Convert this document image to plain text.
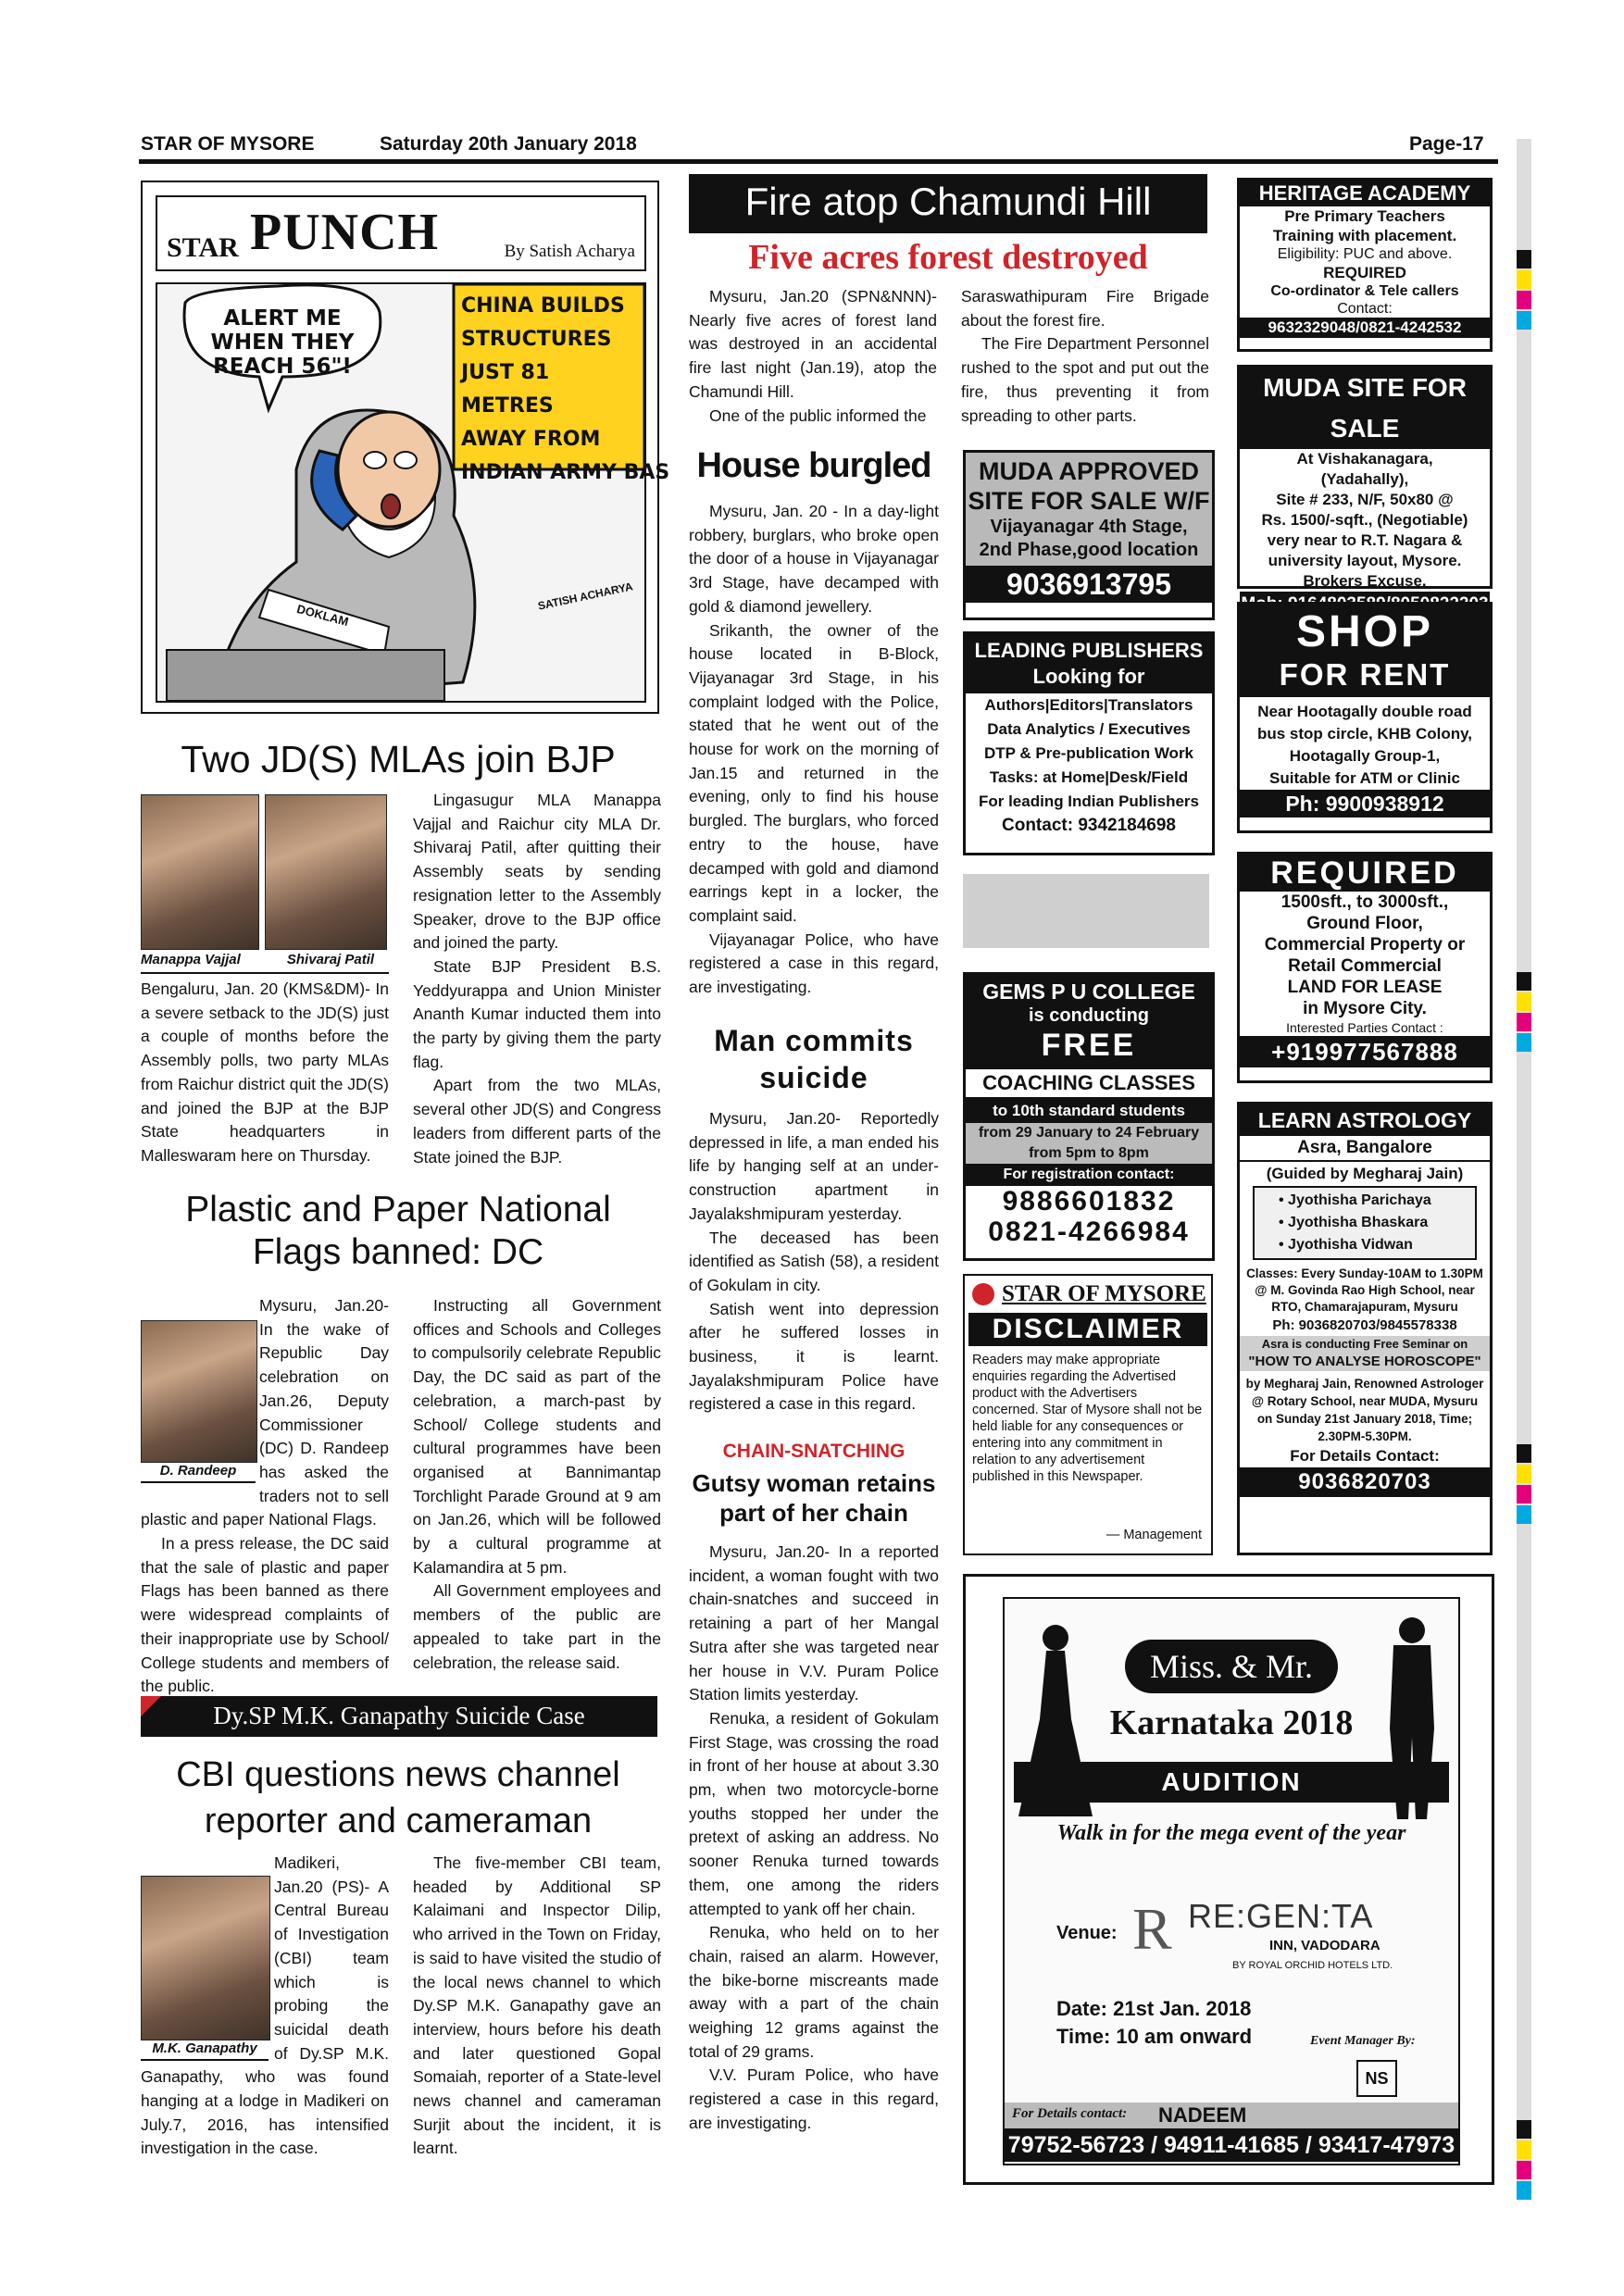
STAR OF MYSORE	Saturday 20th January 2018	Page-17
STAR PUNCH	By Satish Acharya
ALERT ME WHEN THEY REACH 56"!
CHINA BUILDS
STRUCTURES
JUST 81 METRES
AWAY FROM
INDIAN ARMY BAS
SATISH ACHARYA
DOKLAM
Two JD(S) MLAs join BJP
Manappa Vajjal	Shivaraj Patil

Bengaluru, Jan. 20 (KMS&DM)- In a severe setback to the JD(S) just a couple of months before the Assembly polls, two party MLAs from Raichur district quit the JD(S) and joined the BJP at the BJP State headquarters in Malleswaram here on Thursday.

Lingasugur MLA Manappa Vajjal and Raichur city MLA Dr. Shivaraj Patil, after quitting their Assembly seats by sending resignation letter to the Assembly Speaker, drove to the BJP office and joined the party.

State BJP President B.S. Yeddyurappa and Union Minister Ananth Kumar inducted them into the party by giving them the party flag.

Apart from the two MLAs, several other JD(S) and Congress leaders from different parts of the State joined the BJP.

Plastic and Paper National Flags banned: DC
D. Randeep

Mysuru, Jan.20- In the wake of Republic Day celebration on Jan.26, Deputy Commissioner (DC) D. Randeep has asked the traders not to sell plastic and paper National Flags.

In a press release, the DC said that the sale of plastic and paper Flags has been banned as there were widespread complaints of their inappropriate use by School/ College students and members of the public.

Instructing all Government offices and Schools and Colleges to compulsorily celebrate Republic Day, the DC said as part of the celebration, a march-past by School/ College students and cultural programmes have been organised at Bannimantap Torchlight Parade Ground at 9 am on Jan.26, which will be followed by a cultural programme at Kalamandira at 5 pm.

All Government employees and members of the public are appealed to take part in the celebration, the release said.

Dy.SP M.K. Ganapathy Suicide Case
CBI questions news channel reporter and cameraman
M.K. Ganapathy

Madikeri, Jan.20 (PS)- A Central Bureau of Investigation (CBI) team which is probing the suicidal death of Dy.SP M.K. Ganapathy, who was found hanging at a lodge in Madikeri on July.7, 2016, has intensified investigation in the case.

The five-member CBI team, headed by Additional SP Kalaimani and Inspector Dilip, who arrived in the Town on Friday, is said to have visited the studio of the local news channel to which Dy.SP M.K. Ganapathy gave an interview, hours before his death and later questioned Gopal Somaiah, reporter of a State-level news channel and cameraman Surjit about the incident, it is learnt.

Fire atop Chamundi Hill
Five acres forest destroyed

Mysuru, Jan.20 (SPN&NNN)- Nearly five acres of forest land was destroyed in an accidental fire last night (Jan.19), atop the Chamundi Hill.

One of the public informed the

Saraswathipuram Fire Brigade about the forest fire.

The Fire Department Personnel rushed to the spot and put out the fire, thus preventing it from spreading to other parts.

House burgled

Mysuru, Jan. 20 - In a day-light robbery, burglars, who broke open the door of a house in Vijayanagar 3rd Stage, have decamped with gold & diamond jewellery.

Srikanth, the owner of the house located in B-Block, Vijayanagar 3rd Stage, in his complaint lodged with the Police, stated that he went out of the house for work on the morning of Jan.15 and returned in the evening, only to find his house burgled. The burglars, who forced entry to the house, have decamped with gold and diamond earrings kept in a locker, the complaint said.

Vijayanagar Police, who have registered a case in this regard, are investigating.

Man commits suicide

Mysuru, Jan.20- Reportedly depressed in life, a man ended his life by hanging self at an under-construction apartment in Jayalakshmipuram yesterday.

The deceased has been identified as Satish (58), a resident of Gokulam in city.

Satish went into depression after he suffered losses in business, it is learnt. Jayalakshmipuram Police have registered a case in this regard.

CHAIN-SNATCHING
Gutsy woman retains part of her chain

Mysuru, Jan.20- In a reported incident, a woman fought with two chain-snatches and succeed in retaining a part of her Mangal Sutra after she was targeted near her house in V.V. Puram Police Station limits yesterday.

Renuka, a resident of Gokulam First Stage, was crossing the road in front of her house at about 3.30 pm, when two motorcycle-borne youths stopped her under the pretext of asking an address. No sooner Renuka turned towards them, one among the riders attempted to yank off her chain.

Renuka, who held on to her chain, raised an alarm. However, the bike-borne miscreants made away with a part of the chain weighing 12 grams against the total of 29 grams.

V.V. Puram Police, who have registered a case in this regard, are investigating.

MUDA APPROVED
SITE FOR SALE W/F
Vijayanagar 4th Stage,
2nd Phase,good location
9036913795
LEADING PUBLISHERS
Looking for
Authors|Editors|Translators
Data Analytics / Executives
DTP & Pre-publication Work
Tasks: at Home|Desk/Field
For leading Indian Publishers
Contact: 9342184698
GEMS P U COLLEGE
is conducting
FREE
COACHING CLASSES
to 10th standard students
from 29 January to 24 February
from 5pm to 8pm
For registration contact:
9886601832
0821-4266984
STAR OF MYSORE
DISCLAIMER
Readers may make appropriate enquiries regarding the Advertised product with the Advertisers concerned. Star of Mysore shall not be held liable for any consequences or entering into any commitment in relation to any advertisement published in this Newspaper.
— Management
HERITAGE ACADEMY
Pre Primary Teachers
Training with placement.
Eligibility: PUC and above.
REQUIRED
Co-ordinator & Tele callers
Contact:
9632329048/0821-4242532
MUDA SITE FOR SALE
At Vishakanagara,
(Yadahally),
Site # 233, N/F, 50x80 @
Rs. 1500/-sqft., (Negotiable)
very near to R.T. Nagara &
university layout, Mysore.
Brokers Excuse.
SHOP
FOR RENT
Near Hootagally double road
bus stop circle, KHB Colony,
Hootagally Group-1,
Suitable for ATM or Clinic
Ph: 9900938912
REQUIRED
1500sft., to 3000sft.,
Ground Floor,
Commercial Property or
Retail Commercial
LAND FOR LEASE
in Mysore City.
Interested Parties Contact :
+919977567888
LEARN ASTROLOGY
Asra, Bangalore
(Guided by Megharaj Jain)
• Jyothisha Parichaya
• Jyothisha Bhaskara
• Jyothisha Vidwan
Classes: Every Sunday-10AM to 1.30PM @ M. Govinda Rao High School, near RTO, Chamarajapuram, Mysuru
Ph: 9036820703/9845578338
Asra is conducting Free Seminar on
"HOW TO ANALYSE HOROSCOPE"
by Megharaj Jain, Renowned Astrologer @ Rotary School, near MUDA, Mysuru on Sunday 21st January 2018, Time; 2.30PM-5.30PM.
For Details Contact:
9036820703
Miss. & Mr.
Karnataka 2018
AUDITION
Walk in for the mega event of the year
Venue: R RE:GEN:TA
INN, VADODARA
BY ROYAL ORCHID HOTELS LTD.
Date: 21st Jan. 2018
Time: 10 am onward	Event Manager By:
NS
For Details contact: NADEEM
79752-56723 / 94911-41685 / 93417-47973
